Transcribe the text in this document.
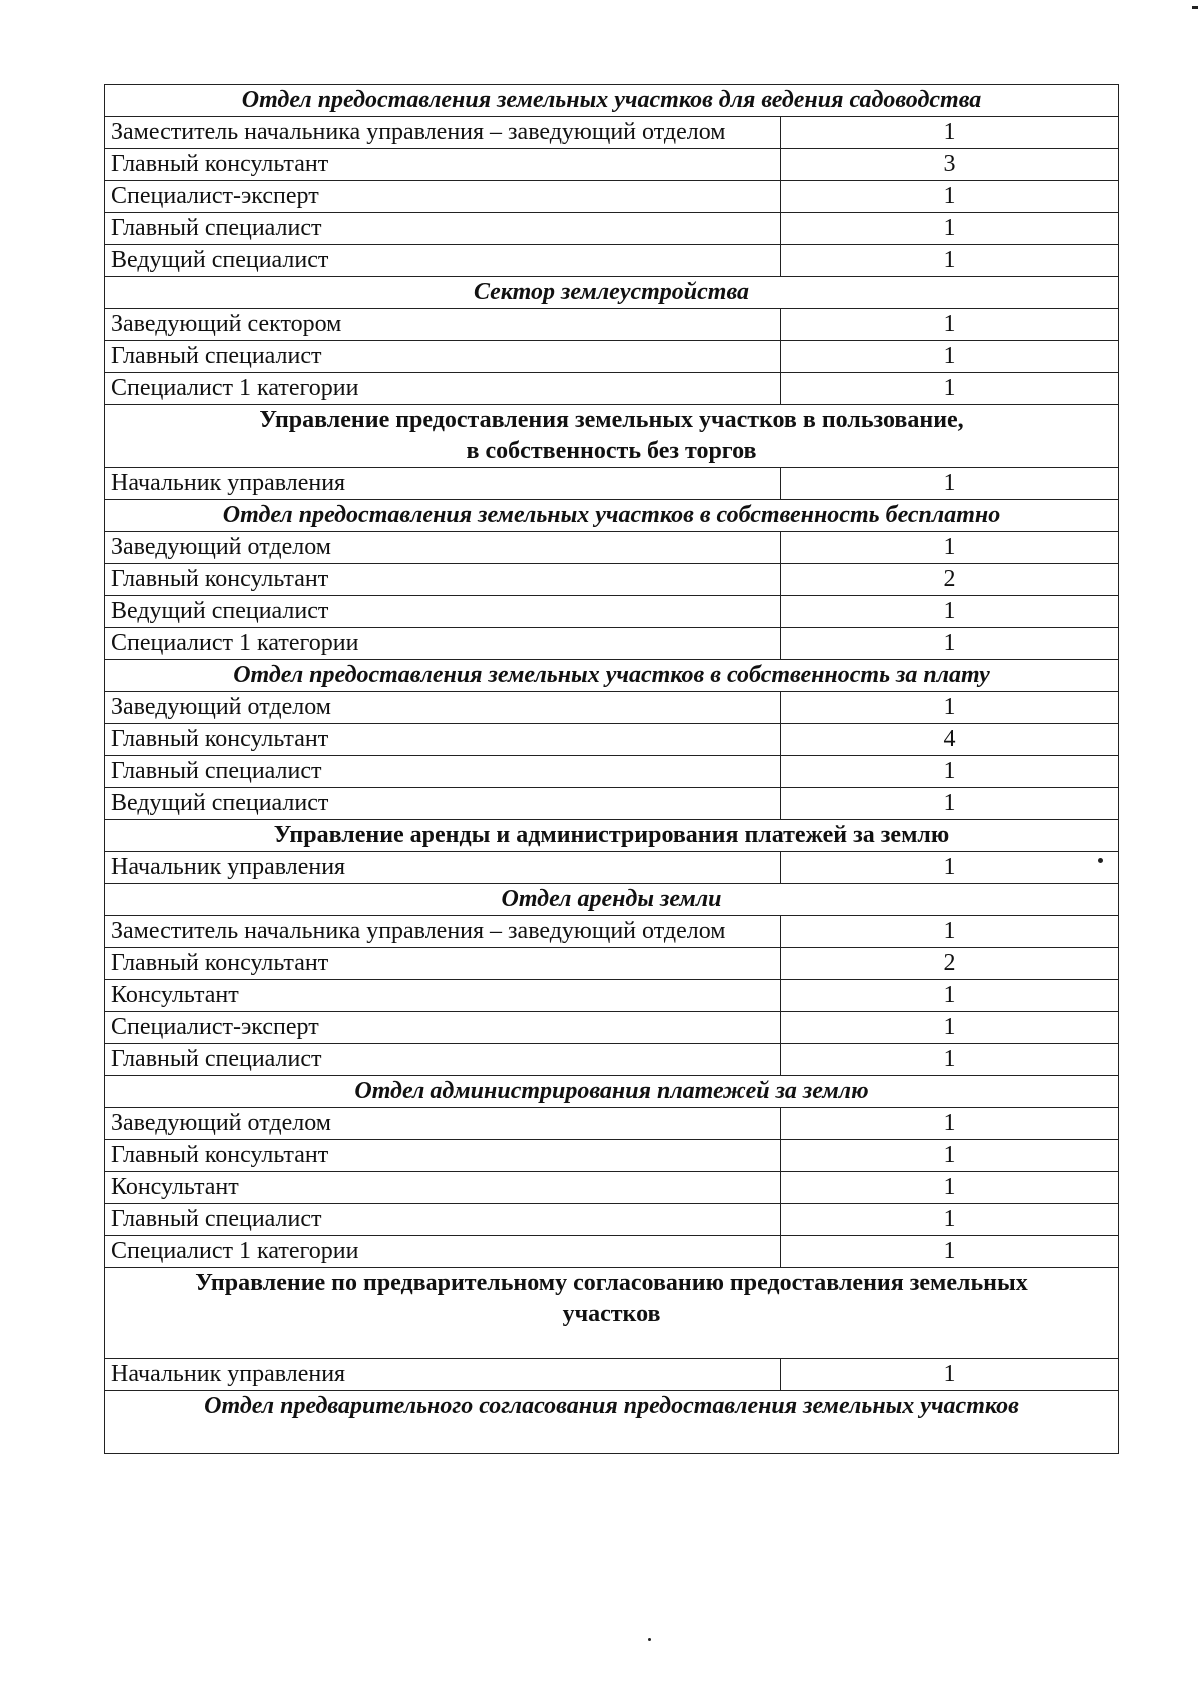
Отдел предоставления земельных участков для ведения садоводства	
Заместитель начальника управления – заведующий отделом	1
Главный консультант	3
Специалист-эксперт	1
Главный специалист	1
Ведущий специалист	1
Сектор землеустройства	
Заведующий сектором	1
Главный специалист	1
Специалист 1 категории	1

Управление предоставления земельных участков в пользование,
в собственность без торгов	

Начальник управления	1
Отдел предоставления земельных участков в собственность бесплатно	
Заведующий отделом	1
Главный консультант	2
Ведущий специалист	1
Специалист 1 категории	1
Отдел предоставления земельных участков в собственность за плату	
Заведующий отделом	1
Главный консультант	4
Главный специалист	1
Ведущий специалист	1
Управление аренды и администрирования платежей за землю	
Начальник управления	1
Отдел аренды земли	
Заместитель начальника управления – заведующий отделом	1
Главный консультант	2
Консультант	1
Специалист-эксперт	1
Главный специалист	1
Отдел администрирования платежей за землю	
Заведующий отделом	1
Главный консультант	1
Консультант	1
Главный специалист	1
Специалист 1 категории	1

Управление по предварительному согласованию предоставления земельных
участков	

Начальник управления	1
Отдел предварительного согласования предоставления земельных участков	
